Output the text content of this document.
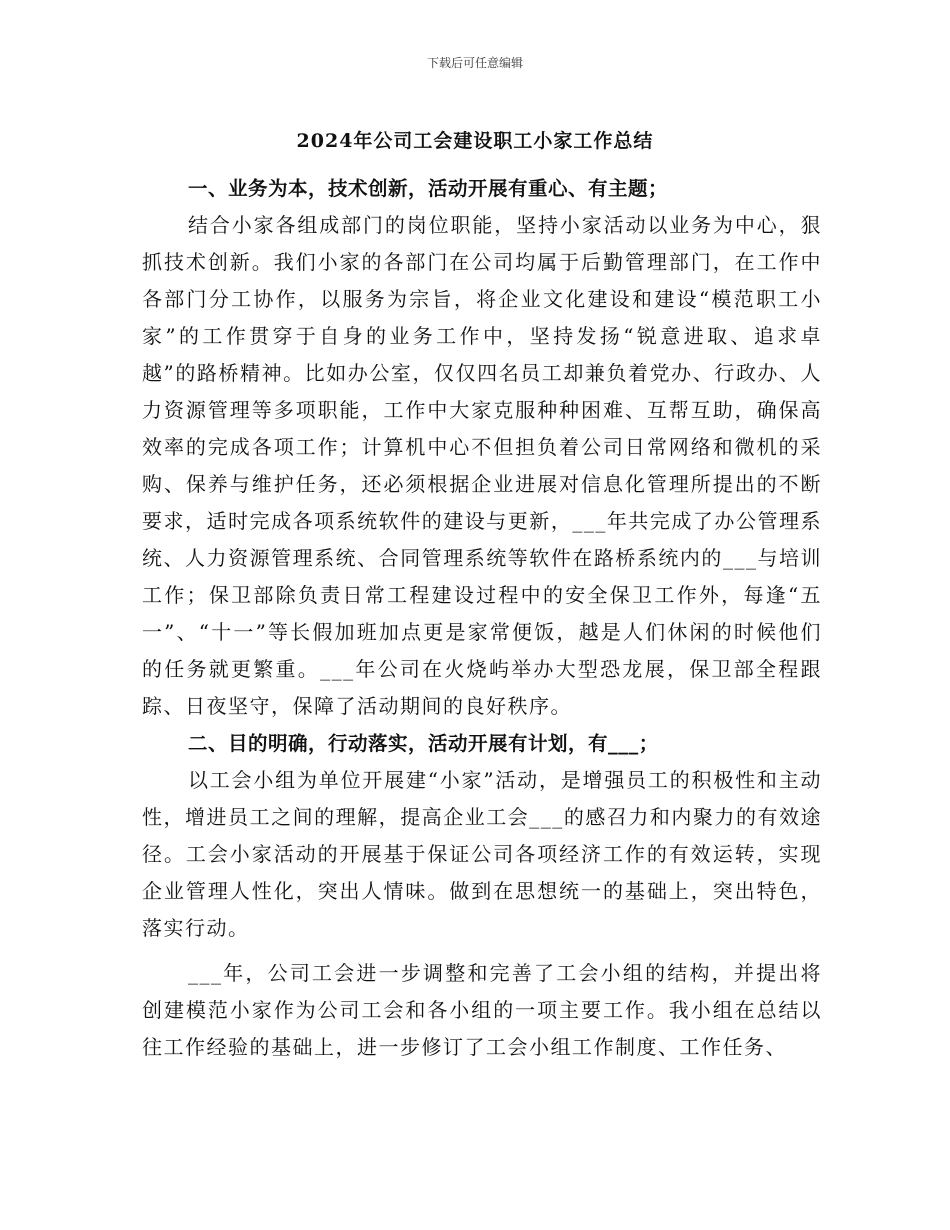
下载后可任意编辑
2024年公司工会建设职工小家工作总结

一、业务为本，技术创新，活动开展有重心、有主题；

结合小家各组成部门的岗位职能，坚持小家活动以业务为中心，狠抓技术创新。我们小家的各部门在公司均属于后勤管理部门，在工作中各部门分工协作，以服务为宗旨，将企业文化建设和建设“模范职工小家”的工作贯穿于自身的业务工作中，坚持发扬“锐意进取、追求卓越”的路桥精神。比如办公室，仅仅四名员工却兼负着党办、行政办、人力资源管理等多项职能，工作中大家克服种种困难、互帮互助，确保高效率的完成各项工作；计算机中心不但担负着公司日常网络和微机的采购、保养与维护任务，还必须根据企业进展对信息化管理所提出的不断要求，适时完成各项系统软件的建设与更新，___年共完成了办公管理系统、人力资源管理系统、合同管理系统等软件在路桥系统内的___与培训工作；保卫部除负责日常工程建设过程中的安全保卫工作外，每逢“五一”、“十一”等长假加班加点更是家常便饭，越是人们休闲的时候他们的任务就更繁重。___年公司在火烧屿举办大型恐龙展，保卫部全程跟踪、日夜坚守，保障了活动期间的良好秩序。

二、目的明确，行动落实，活动开展有计划，有___；

以工会小组为单位开展建“小家”活动，是增强员工的积极性和主动性，增进员工之间的理解，提高企业工会___的感召力和内聚力的有效途径。工会小家活动的开展基于保证公司各项经济工作的有效运转，实现企业管理人性化，突出人情味。做到在思想统一的基础上，突出特色，落实行动。

___年，公司工会进一步调整和完善了工会小组的结构，并提出将创建模范小家作为公司工会和各小组的一项主要工作。我小组在总结以往工作经验的基础上，进一步修订了工会小组工作制度、工作任务、
